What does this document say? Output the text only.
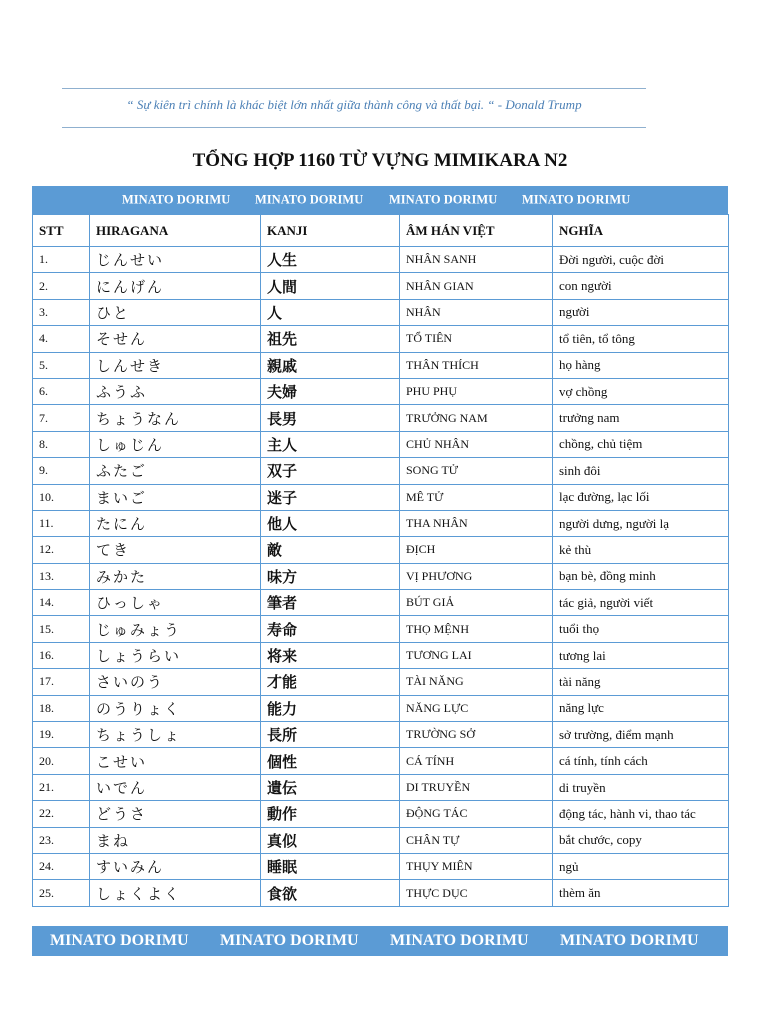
“ Sự kiên trì chính là khác biệt lớn nhất giữa thành công và thất bại. “ - Donald Trump
TỔNG HỢP 1160 TỪ VỰNG MIMIKARA N2
MINATO DORIMU MINATO DORIMU MINATO DORIMU MINATO DORIMU
STT	HIRAGANA	KANJI	ÂM HÁN VIỆT	NGHĨA
1.	じんせい	人生	NHÂN SANH	Đời người, cuộc đời
2.	にんげん	人間	NHÂN GIAN	con người
3.	ひと	人	NHÂN	người
4.	そせん	祖先	TỔ TIÊN	tổ tiên, tổ tông
5.	しんせき	親戚	THÂN THÍCH	họ hàng
6.	ふうふ	夫婦	PHU PHỤ	vợ chồng
7.	ちょうなん	長男	TRƯỞNG NAM	trưởng nam
8.	しゅじん	主人	CHỦ NHÂN	chồng, chủ tiệm
9.	ふたご	双子	SONG TỬ	sinh đôi
10.	まいご	迷子	MÊ TỬ	lạc đường, lạc lối
11.	たにん	他人	THA NHÂN	người dưng, người lạ
12.	てき	敵	ĐỊCH	kẻ thù
13.	みかた	味方	VỊ PHƯƠNG	bạn bè, đồng minh
14.	ひっしゃ	筆者	BÚT GIẢ	tác giả, người viết
15.	じゅみょう	寿命	THỌ MỆNH	tuổi thọ
16.	しょうらい	将来	TƯƠNG LAI	tương lai
17.	さいのう	才能	TÀI NĂNG	tài năng
18.	のうりょく	能力	NĂNG LỰC	năng lực
19.	ちょうしょ	長所	TRƯỜNG SỞ	sở trường, điểm mạnh
20.	こせい	個性	CÁ TÍNH	cá tính, tính cách
21.	いでん	遺伝	DI TRUYỀN	di truyền
22.	どうさ	動作	ĐỘNG TÁC	động tác, hành vi, thao tác
23.	まね	真似	CHÂN TỰ	bắt chước, copy
24.	すいみん	睡眠	THỤY MIÊN	ngủ
25.	しょくよく	食欲	THỰC DỤC	thèm ăn
MINATO DORIMU MINATO DORIMU MINATO DORIMU MINATO DORIMU
